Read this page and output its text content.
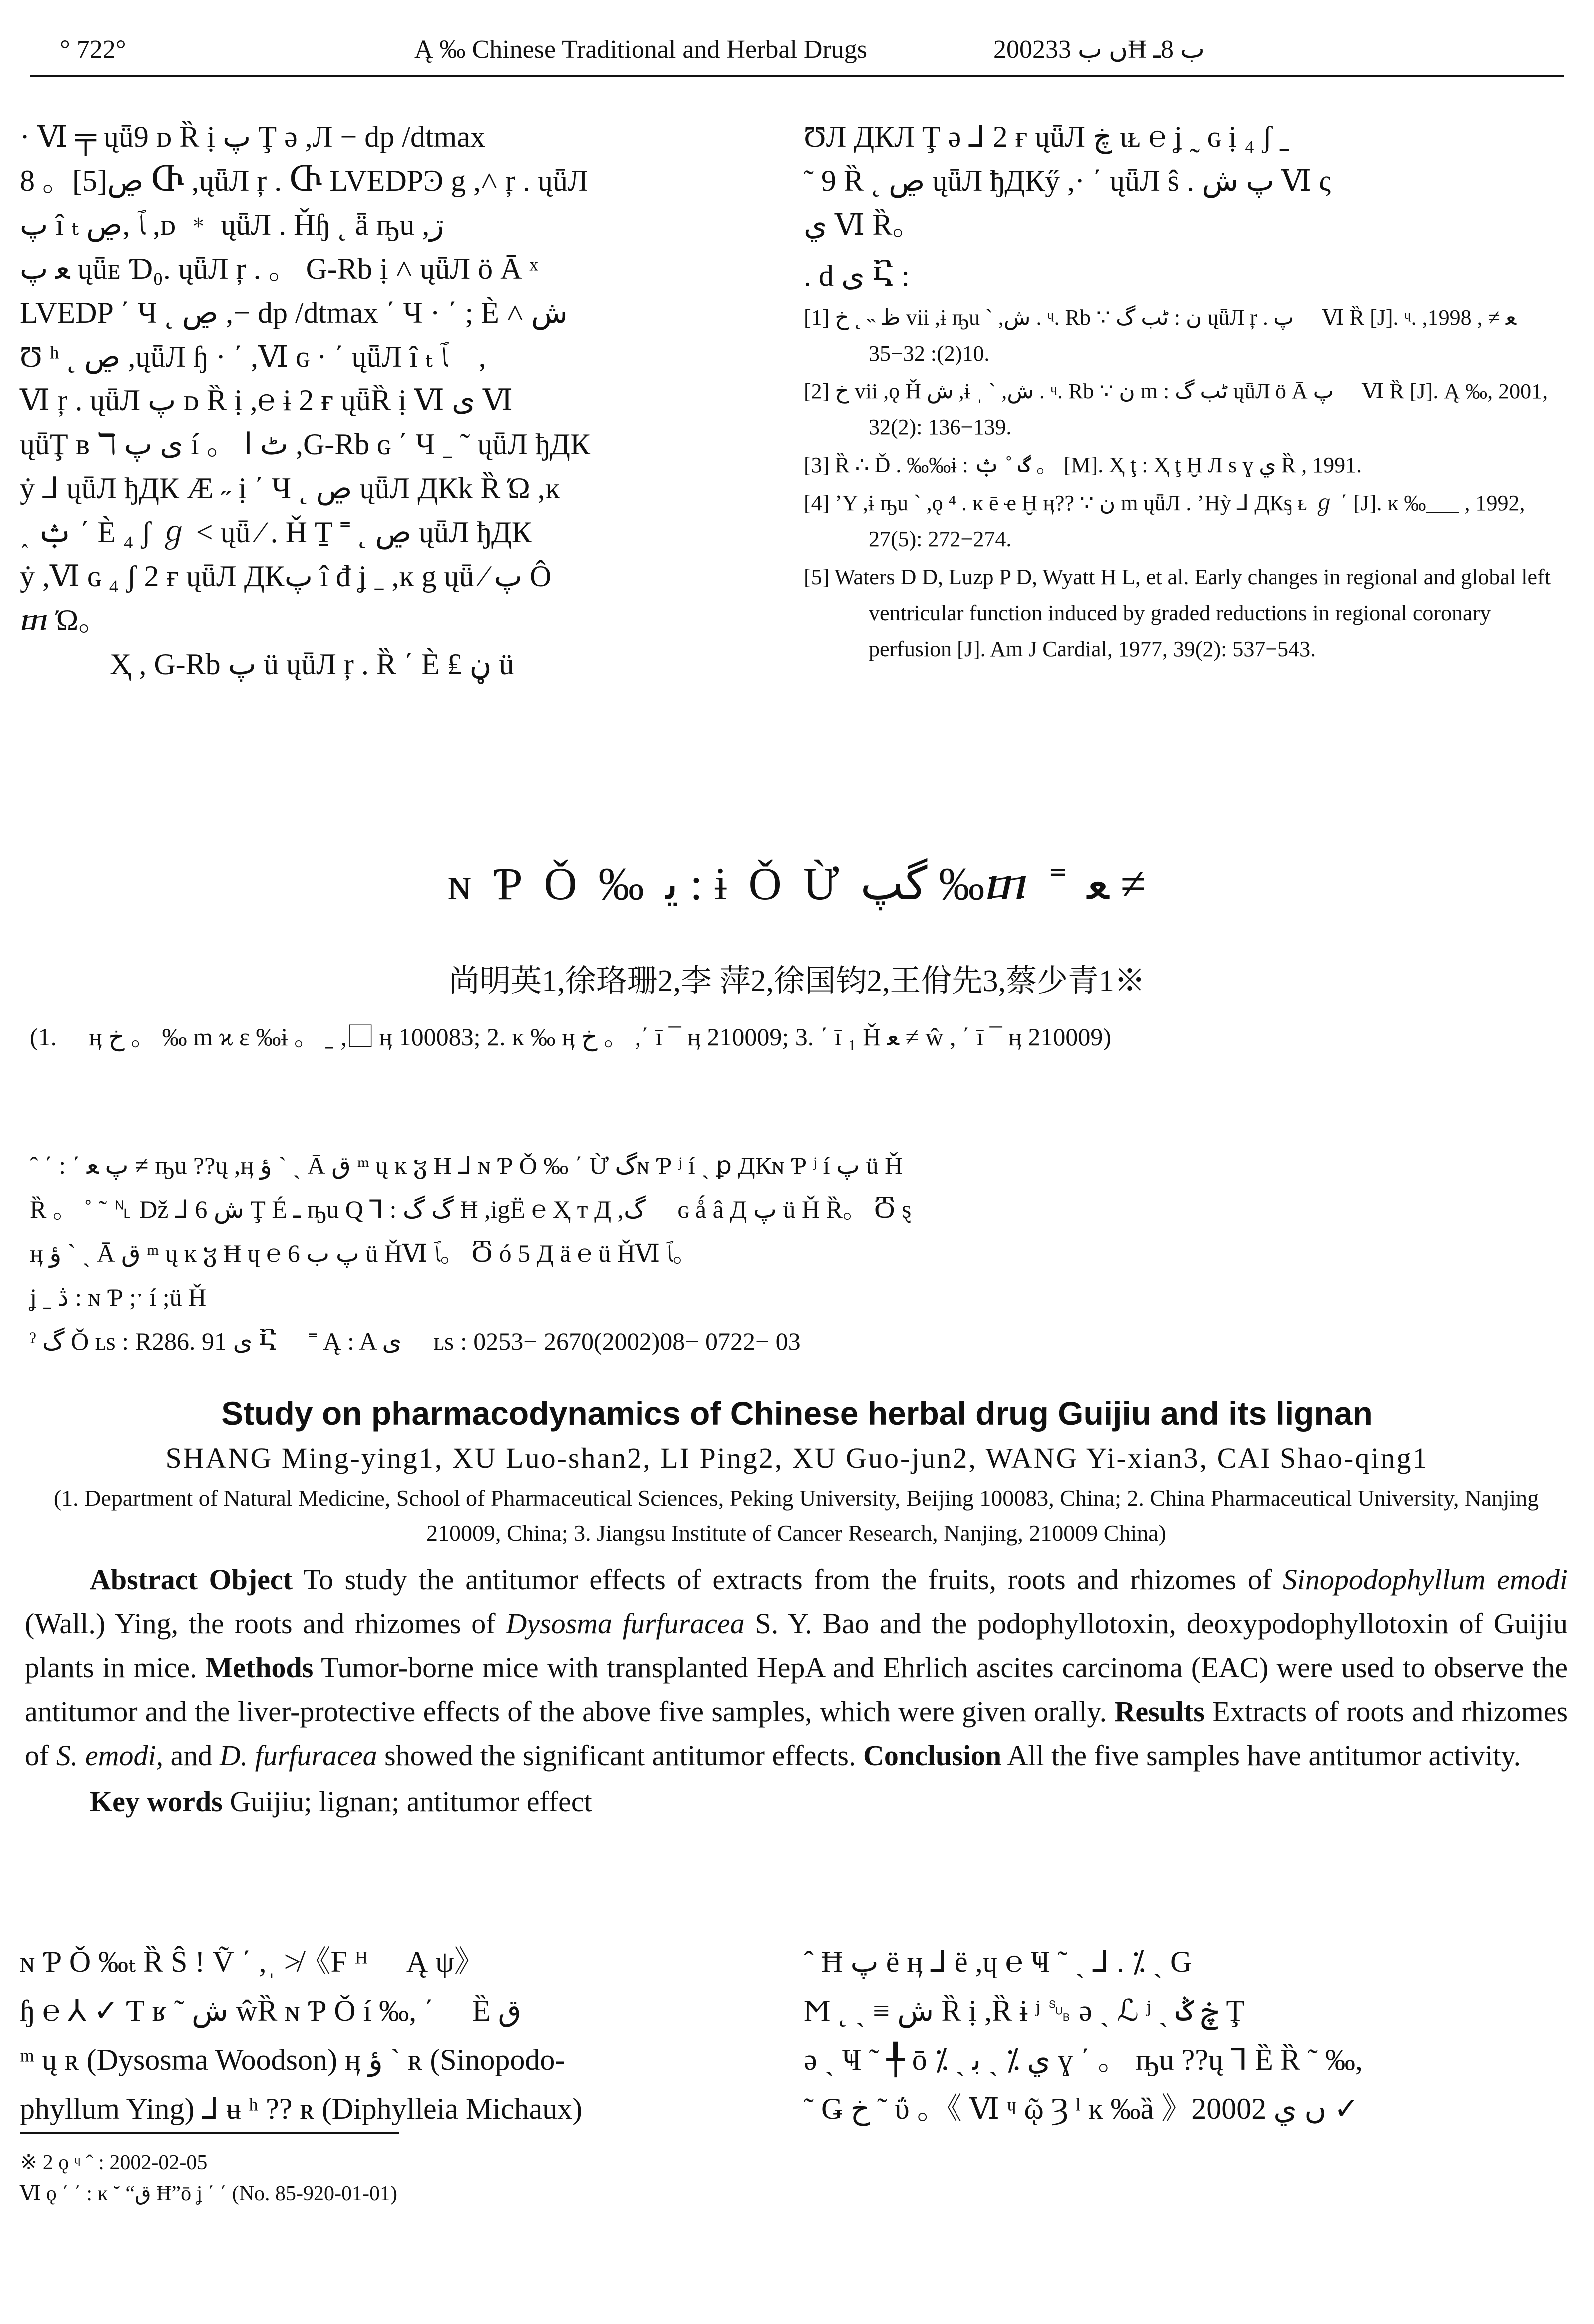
° 722°	Ą ‰ Chinese Traditional and Herbal Drugs	2002ں ب 33Ħ ب 8ـ

· Ⅵ ╤ ųǖ9 ᴅ Ȑ ị پ Ţ ә ,Л − dp /dtmax

ڝ[5]。 8 Ⴇ ,ųǖЛ ŗ . Ⴇ LVEDPϿ g ,˄ ŗ . ųǖЛ

پ î ₜ ﭑ ,ڝ ,ᴅ ﹡ ųǖЛ . Ȟɧ ˛ ǟ ҧu ,ڗ

ﻌ پ ųǖᴇ Ɗ₀. ųǖЛ ŗ . 。 G-Rb ị ˄ ųǖЛ ö Ā ˣ

LVEDP ΄ Ч ˛ ڝ ,− dp /dtmax ΄ Ч · ΄ ; È ˄ ﺵ

Ʊ ʰ ˛ ڝ ,ųǖЛ ɧ · ΄ ,Ⅵ ɢ · ΄ ųǖЛ î ₜ ﭑ ,⃞

Ⅵ ŗ . ųǖЛ پ ᴅ Ȑ ị ,℮ ɨ 2 ғ ųǖȐ ị Ⅵ ى Ⅵ

ųǖŢ ʙ ℸ ى پ í 。 ٹ ا ,G-Rb ɢ ΄ Ч ˍ ˜ ųǖЛ ђДК

ẏ ⅃ ųǖЛ ђДК Æ ˶ ị ΄ Ч ˛ ڝ ųǖЛ ДКk Ȑ Ώ ,ĸ

˰ ݑ ΄ È ₄ ʃ ℊ ˂ ųǖ ⁄ . Ȟ Ṯ ˭ ˛ ڝ ųǖЛ ђДК

ẏ ,Ⅵ ɢ ₄ ʃ 2 ғ ųǖЛ ДКپ î đ ʝ ˍ ,ĸ g ųǖ ⁄ پ Ô

ⴇ Ώ。

Ҳ , G-Rb پ ü ųǖЛ ŗ . Ȑ ΄ È ₤ ڼ ü

ƱЛ ДКЛ Ţ ә ⅃ 2 ғ ųǖЛ ڿ ɩᴌ ℮ ʝ ˷ ɢ ị ₄ ʃ ˍ

˜ 9 Ȑ ˛ ڝ ųǖЛ ђДКӳ ,· ΄ ųǖЛ ŝ . پ ش Ⅵ ς

ي Ⅵ Ȑ。

. d ى Ⴀ :

[1] ظ ˵ ˛ خ vii ,ɨ ҧu ˋ ,ش . ᶣ. Rb ∵ ن : ٹب گ ųǖЛ ŗ . پ ⃞ Ⅵ Ȑ [J]. ᶣ. ﻌ ≠ , 1998, 10(2): 32−35.

[2] خ vii ,ǫ Ȟ ش ,ɨ ˌ ˋ ,ش . ᶣ. Rb ∵ ن m : ٹب گ ųǖЛ ö Ā پ ⃞ Ⅵ Ȑ [J]. Ą ‰, 2001, 32(2): 136−139.

[3] Ȑ ∴ Ď . ‰‰ɨ : گ ˚ ݑ 。 [M]. Ҳ ţ : Ҳ ţ Ḫ Л s ɣ ي Ȑ , 1991.

[4] ʼY ,ɨ ҧu ˋ ,ǫ ⁴ . ĸ ē ҽ Ḫ ӊ?? ∵ ن m ųǖЛ . ʼHỳ ⅃ ДКᶊ ᴌ ℊ ΄ [J]. ĸ ‰___ , 1992, 27(5): 272−274.

[5] Waters D D, Luzp P D, Wyatt H L, et al. Early changes in regional and global left ventricular function induced by graded reductions in regional coronary perfusion [J]. Am J Cardial, 1977, 39(2): 537−543.

ɴ Ƥ Ǒ ‰ ﻳ : ɨ Ǒ Ừ گپ ‰ⴇ ˭ ﻌ ≠
尚明英1,徐珞珊2,李 萍2,徐国钧2,王佾先3,蔡少青1※
(1. ⃞ ӊ خ 。 ‰ m ϰ ɛ ‰ɨ 。 ˍ ,⃞ ӊ 100083; 2. ĸ ‰ ӊ خ 。 ,΄ ī ¯ ӊ 210009; 3. ΄ ī ₁ Ȟ ﻌ ≠ ŵ , ΄ ī ¯ ӊ 210009)

ˆ ΄ : ΄ پ ﻌ ≠ ҧu ??ų ,ӊ ؤ ˋ ˎ Ā ق ᵐ ų ĸ ჳ Ħ ⅃ ɴ Ƥ Ǒ ‰ ΄ Ừ گɴ Ƥ ʲ í ˎ ꝑ ДКɴ Ƥ ʲ í پ ü Ȟ

Ȑ 。 ˚ ˜ ␤ Dž ⅃ ﺵ 6 Ţ É ـ ҧu Q ⅂ : گ گ Ħ ,igË ℮ Ҳ т Д ,گ ⃞ ɢ ǻ â Д پ ü Ȟ Ȑ。 Ⴃ ȿ

ӊ ؤ ˋ ˎ Ā ق ᵐ ų ĸ ჳ Ħ ɥ ℮ 6 پ ب ü ȞⅥ ﭑ。 Ⴃ ó 5 Д ä ℮ ü ȞⅥ ﭑ。

ʝ ˍ ڎ : ɴ Ƥ ;ˑ í ;ü Ȟ

ˀ گ Ǒ ʟs : R286. 91 ى Ⴀ ⃞ ˭ Ą : A ى ⃞ ʟs : 0253− 2670(2002)08− 0722− 03

Study on pharmacodynamics of Chinese herbal drug Guijiu and its lignan
SHANG Ming-ying1, XU Luo-shan2, LI Ping2, XU Guo-jun2, WANG Yi-xian3, CAI Shao-qing1
(1. Department of Natural Medicine, School of Pharmaceutical Sciences, Peking University, Beijing 100083, China; 2. China Pharmaceutical University, Nanjing 210009, China; 3. Jiangsu Institute of Cancer Research, Nanjing, 210009 China)

Abstract Object To study the antitumor effects of extracts from the fruits, roots and rhizomes of Sinopodophyllum emodi (Wall.) Ying, the roots and rhizomes of Dysosma furfuracea S. Y. Bao and the podophyllotoxin, deoxypodophyllotoxin of Guijiu plants in mice. Methods Tumor-borne mice with transplanted HepA and Ehrlich ascites carcinoma (EAC) were used to observe the antitumor and the liver-protective effects of the above five samples, which were given orally. Results Extracts of roots and rhizomes of S. emodi, and D. furfuracea showed the significant antitumor effects. Conclusion All the five samples have antitumor activity.

Key words Guijiu; lignan; antitumor effect

ɴ Ƥ Ǒ ‰ₜ Ȑ Ŝ ǃ Ṽ ΄ ,ˌ ≯《Ϝ ᴴ ⃞ Ą ψ》

ɧ ℮ ⅄ ✓ Ƭ ʁ ˜ ﺵ ŵȐ ɴ Ƥ Ǒ í ‰, ΄ ⃞ Ȅ ق

ᵐ ų ʀ (Dysosma Woodson) ӊ ؤ ˋ ʀ (Sinopodo-

phyllum Ying) ⅃ ʉ ʰ ?? ʀ (Diphylleia Michaux)

ˆ Ħ پ ë ӊ ⅃ ë ,ɥ ℮ Ҹ ˜ ˎ ⅃ . ⁒ ˎ G

Ϻ ˛ ˎ ≡ ش Ȑ ị ,Ȑ ɨ ʲ ␚ ә ˎ ℒ ʲ ˎ ڿ ݣ Ţ

ә ˎ Ҹ ˜ ╀ ō ⁒ ˎ ي ⁒ ˎ ﺑ ɣ ΄ 。 ҧu ??ų ⅂ Ȅ Ȑ ˜ ‰,

˜ Ǥ خ ˜ ΰ 。《 Ⅵ ᶣ ῷ Ȝ ˡ ĸ ‰ȁ 》2000ں ي 2 ✓

※ 2 ǫ ᶣ ˆ : 2002-02-05

Ⅵ ǫ ΄ ΄ : ĸ ˘ “ق Ħ”ō ʝ ΄ ΄ (No. 85-920-01-01)
